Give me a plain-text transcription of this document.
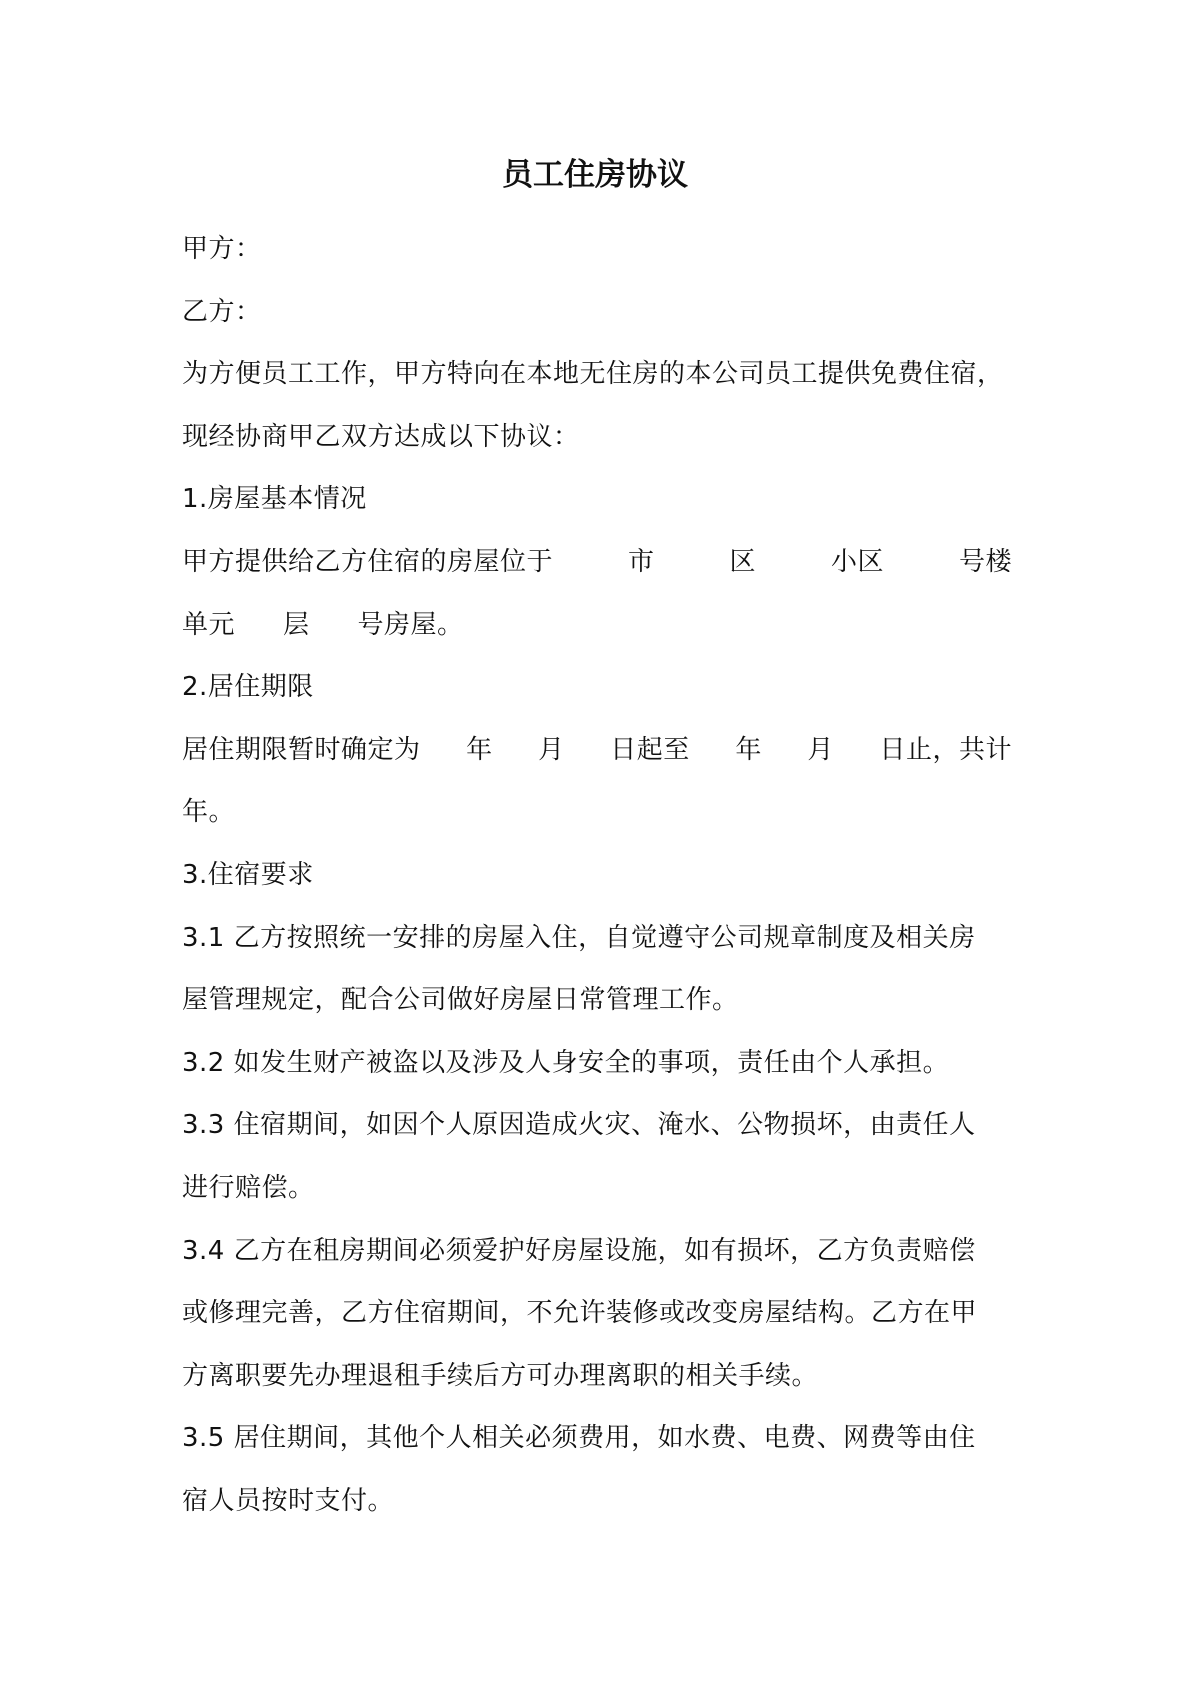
员工住房协议
甲方：
乙方：
为方便员工工作，甲方特向在本地无住房的本公司员工提供免费住宿，
现经协商甲乙双方达成以下协议：
1.房屋基本情况
甲方提供给乙方住宿的房屋位于	市	区	小区	号楼
单元 层 号房屋。
2.居住期限
居住期限暂时确定为 年 月 日起至 年 月 日止，共计
年。
3.住宿要求
3.1 乙方按照统一安排的房屋入住，自觉遵守公司规章制度及相关房
屋管理规定，配合公司做好房屋日常管理工作。
3.2 如发生财产被盗以及涉及人身安全的事项，责任由个人承担。
3.3 住宿期间，如因个人原因造成火灾、淹水、公物损坏，由责任人
进行赔偿。
3.4 乙方在租房期间必须爱护好房屋设施，如有损坏，乙方负责赔偿
或修理完善，乙方住宿期间，不允许装修或改变房屋结构。乙方在甲
方离职要先办理退租手续后方可办理离职的相关手续。
3.5 居住期间，其他个人相关必须费用，如水费、电费、网费等由住
宿人员按时支付。
